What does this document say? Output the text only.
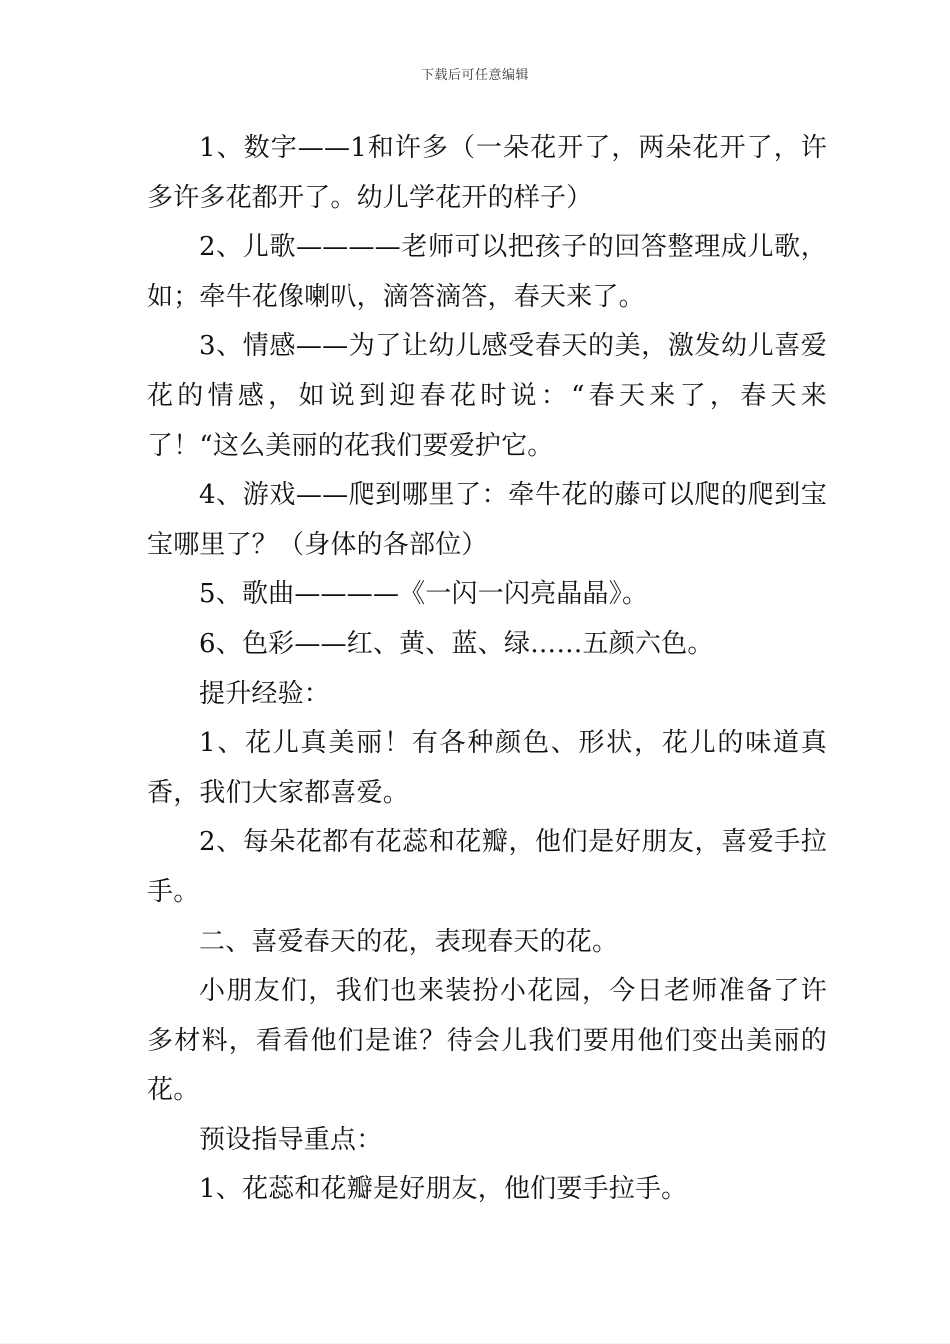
下载后可任意编辑

1、数字——1和许多（一朵花开了，两朵花开了，许多许多花都开了。幼儿学花开的样子）

2、儿歌————老师可以把孩子的回答整理成儿歌，如；牵牛花像喇叭，滴答滴答，春天来了。

3、情感——为了让幼儿感受春天的美，激发幼儿喜爱花的情感，如说到迎春花时说：“春天来了，春天来了！“这么美丽的花我们要爱护它。

4、游戏——爬到哪里了：牵牛花的藤可以爬的爬到宝宝哪里了？（身体的各部位）

5、歌曲————《一闪一闪亮晶晶》。

6、色彩——红、黄、蓝、绿……五颜六色。

提升经验：

1、花儿真美丽！有各种颜色、形状，花儿的味道真香，我们大家都喜爱。

2、每朵花都有花蕊和花瓣，他们是好朋友，喜爱手拉手。

二、喜爱春天的花，表现春天的花。

小朋友们，我们也来装扮小花园，今日老师准备了许多材料，看看他们是谁？待会儿我们要用他们变出美丽的花。

预设指导重点：

1、花蕊和花瓣是好朋友，他们要手拉手。
